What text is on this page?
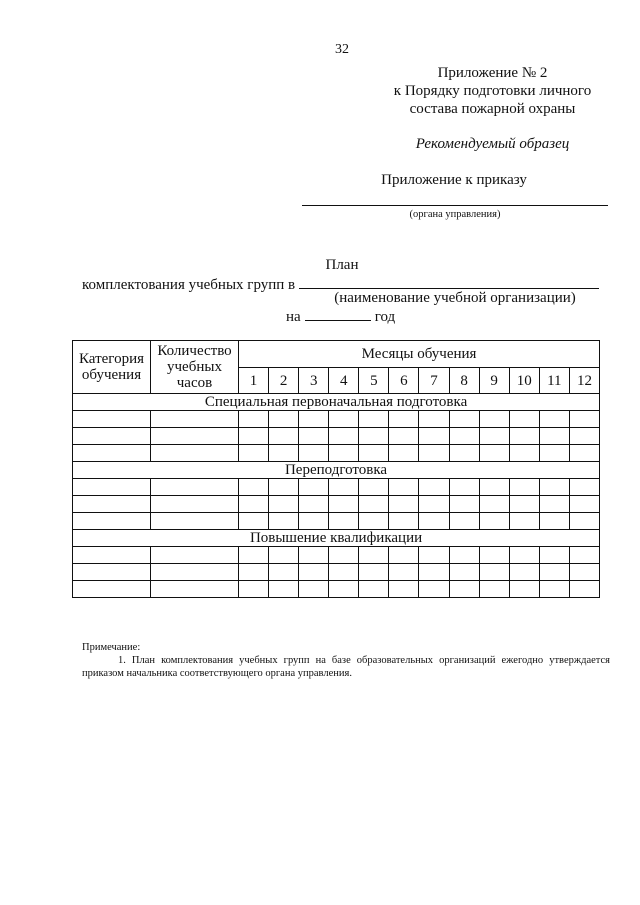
32
Приложение № 2
к Порядку подготовки личного
состава пожарной охраны
Рекомендуемый образец
Приложение к приказу
(органа управления)
План
комплектования учебных групп в
(наименование учебной организации)
на	год
Категория обучения	Количество учебных часов	Месяцы обучения											
		1	2	3	4	5	6	7	8	9	10	11	12
Специальная первоначальная подготовка													

Переподготовка													

Повышение квалификации													

Примечание:
1. План комплектования учебных групп на базе образовательных организаций ежегодно утверждается приказом начальника соответствующего органа управления.
